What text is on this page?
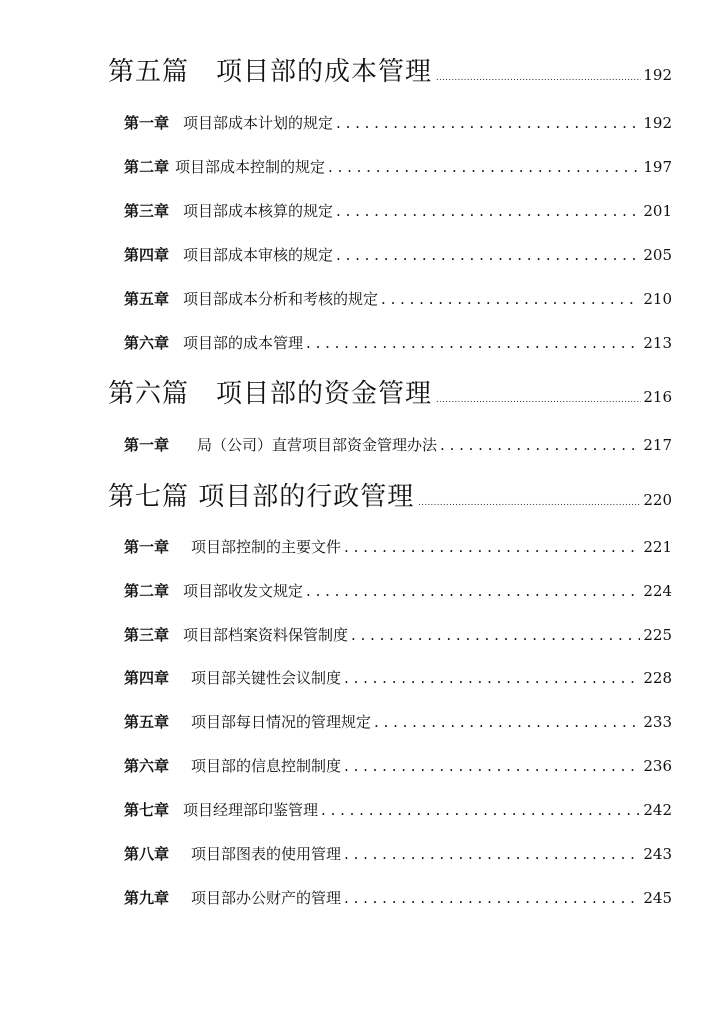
第五篇　项目部的成本管理 . . .	192
第一章 项目部成本计划的规定 . . .	192
第二章 项目部成本控制的规定 . . .	197
第三章 项目部成本核算的规定 . . .	201
第四章 项目部成本审核的规定 . . .	205
第五章 项目部成本分析和考核的规定 . . .	210
第六章 项目部的成本管理 . . .	213
第六篇　项目部的资金管理 . . .	216
第一章 局（公司）直营项目部资金管理办法 . . .	217
第七篇 项目部的行政管理 . . .	220
第一章 项目部控制的主要文件 . . .	221
第二章 项目部收发文规定 . . .	224
第三章 项目部档案资料保管制度 . . .	225
第四章 项目部关键性会议制度 . . .	228
第五章 项目部每日情况的管理规定 . . .	233
第六章 项目部的信息控制制度 . . .	236
第七章 项目经理部印鉴管理 . . .	242
第八章 项目部图表的使用管理 . . .	243
第九章 项目部办公财产的管理 . . .	245
